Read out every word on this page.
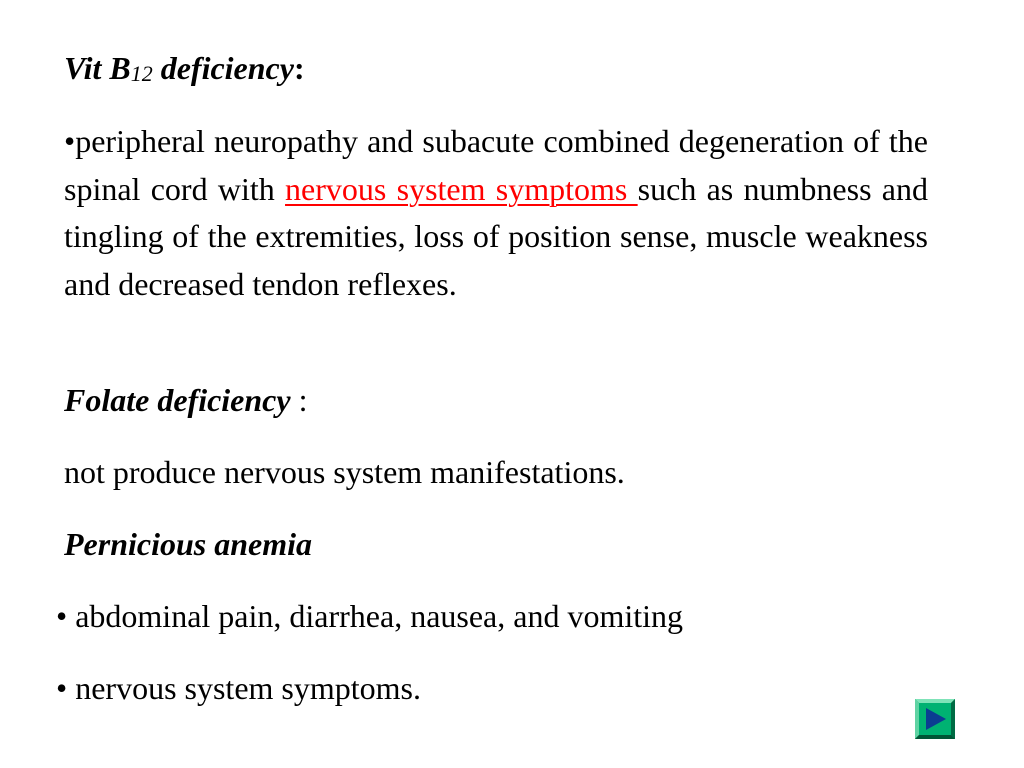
Vit B12 deficiency:
•peripheral neuropathy and subacute combined degeneration of the spinal cord with nervous system symptoms such as numbness and tingling of the extremities, loss of position sense, muscle weakness and decreased tendon reflexes.
Folate deficiency :
not produce nervous system manifestations.
Pernicious anemia
• abdominal pain, diarrhea, nausea, and vomiting
• nervous system symptoms.
